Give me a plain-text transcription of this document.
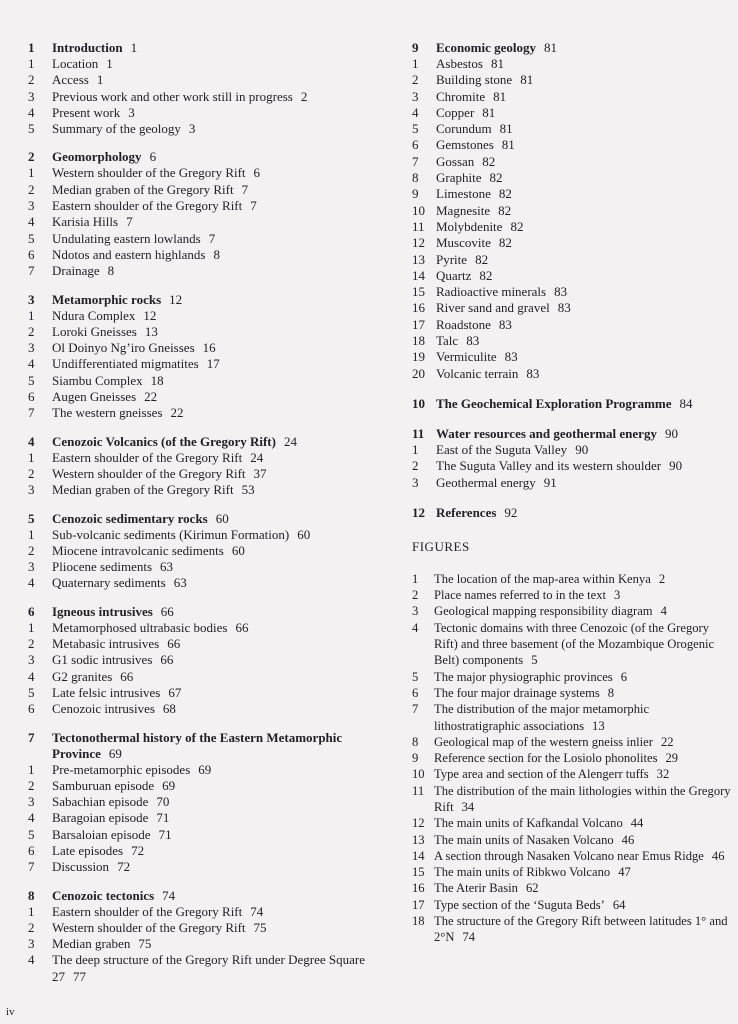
1	Introduction 1
1	Location 1
2	Access 1
3	Previous work and other work still in progress 2
4	Present work 3
5	Summary of the geology 3
2	Geomorphology 6
1	Western shoulder of the Gregory Rift 6
2	Median graben of the Gregory Rift 7
3	Eastern shoulder of the Gregory Rift 7
4	Karisia Hills 7
5	Undulating eastern lowlands 7
6	Ndotos and eastern highlands 8
7	Drainage 8
3	Metamorphic rocks 12
1	Ndura Complex 12
2	Loroki Gneisses 13
3	Ol Doinyo Ng’iro Gneisses 16
4	Undifferentiated migmatites 17
5	Siambu Complex 18
6	Augen Gneisses 22
7	The western gneisses 22
4	Cenozoic Volcanics (of the Gregory Rift) 24
1	Eastern shoulder of the Gregory Rift 24
2	Western shoulder of the Gregory Rift 37
3	Median graben of the Gregory Rift 53
5	Cenozoic sedimentary rocks 60
1	Sub-volcanic sediments (Kirimun Formation) 60
2	Miocene intravolcanic sediments 60
3	Pliocene sediments 63
4	Quaternary sediments 63
6	Igneous intrusives 66
1	Metamorphosed ultrabasic bodies 66
2	Metabasic intrusives 66
3	G1 sodic intrusives 66
4	G2 granites 66
5	Late felsic intrusives 67
6	Cenozoic intrusives 68
7	Tectonothermal history of the Eastern Metamorphic Province 69
1	Pre-metamorphic episodes 69
2	Samburuan episode 69
3	Sabachian episode 70
4	Baragoian episode 71
5	Barsaloian episode 71
6	Late episodes 72
7	Discussion 72
8	Cenozoic tectonics 74
1	Eastern shoulder of the Gregory Rift 74
2	Western shoulder of the Gregory Rift 75
3	Median graben 75
4	The deep structure of the Gregory Rift under Degree Square 27 77
9	Economic geology 81
1	Asbestos 81
2	Building stone 81
3	Chromite 81
4	Copper 81
5	Corundum 81
6	Gemstones 81
7	Gossan 82
8	Graphite 82
9	Limestone 82
10 Magnesite 82
11 Molybdenite 82
12 Muscovite 82
13 Pyrite 82
14 Quartz 82
15 Radioactive minerals 83
16 River sand and gravel 83
17 Roadstone 83
18 Talc 83
19 Vermiculite 83
20 Volcanic terrain 83
10 The Geochemical Exploration Programme 84
11 Water resources and geothermal energy 90
1	East of the Suguta Valley 90
2	The Suguta Valley and its western shoulder 90
3	Geothermal energy 91
12 References 92
FIGURES
1	The location of the map-area within Kenya 2
2	Place names referred to in the text 3
3	Geological mapping responsibility diagram 4
4	Tectonic domains with three Cenozoic (of the Gregory Rift) and three basement (of the Mozambique Orogenic Belt) components 5
5	The major physiographic provinces 6
6	The four major drainage systems 8
7	The distribution of the major metamorphic lithostratigraphic associations 13
8	Geological map of the western gneiss inlier 22
9	Reference section for the Losiolo phonolites 29
10 Type area and section of the Alengerr tuffs 32
11 The distribution of the main lithologies within the Gregory Rift 34
12 The main units of Kafkandal Volcano 44
13 The main units of Nasaken Volcano 46
14 A section through Nasaken Volcano near Emus Ridge 46
15 The main units of Ribkwo Volcano 47
16 The Aterir Basin 62
17 Type section of the ‘Suguta Beds’ 64
18 The structure of the Gregory Rift between latitudes 1° and 2°N 74
iv
